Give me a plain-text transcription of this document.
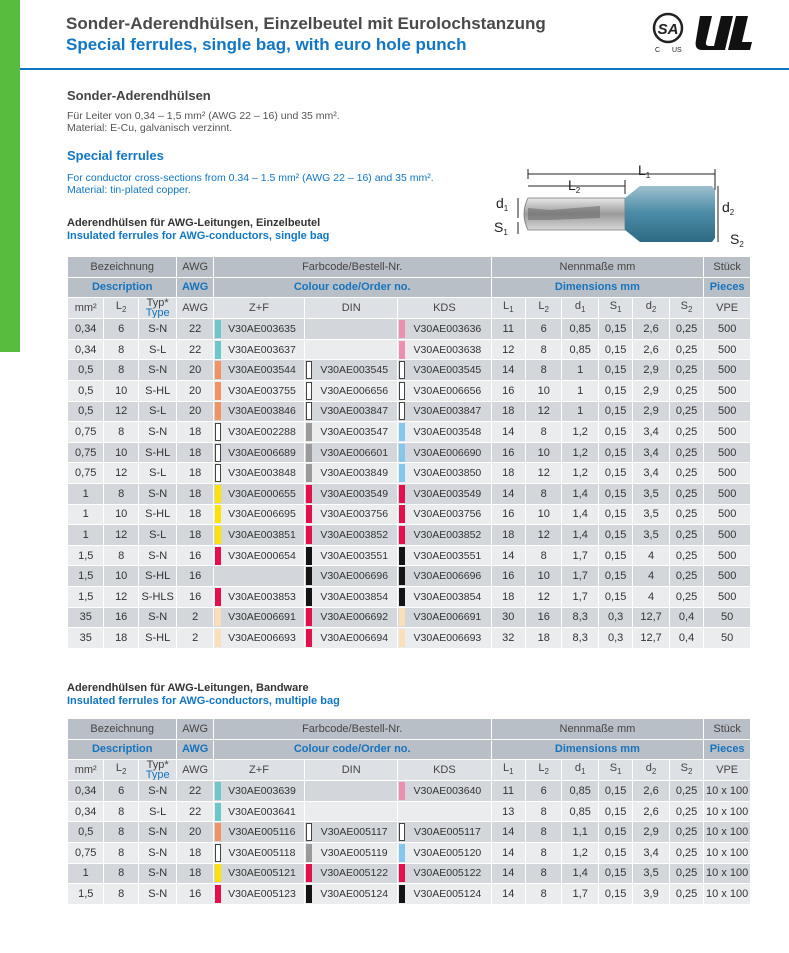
Sonder-Aderendhülsen, Einzelbeutel mit Eurolochstanzung
Special ferrules, single bag, with euro hole punch
SA
C US
Sonder-Aderendhülsen
Für Leiter von 0,34 – 1,5 mm² (AWG 22 – 16) und 35 mm².
Material: E-Cu, galvanisch verzinnt.
Special ferrules
For conductor cross-sections from 0.34 – 1.5 mm² (AWG 22 – 16) and 35 mm².
Material: tin-plated copper.
$L_1$
$L_2$
$d_2$
$d_1$
$S_1$	$S_2$
Aderendhülsen für AWG-Leitungen, Einzelbeutel
Insulated ferrules for AWG-conductors, single bag
Bezeichnung			AWG	Farbcode/Bestell-Nr.			Nennmaße mm						Stück
Description			AWG	Colour code/Order no.			Dimensions mm						Pieces
mm²	$L_2$	Typ*
Type	AWG	Z+F	DIN	KDS	$L_1$	$L_2$	$d_1$	$S_1$	$d_2$	$S_2$	VPE
0,34	6	S-N	22	V30AE003635		V30AE003636	11	6	0,85	0,15	2,6	0,25	500
0,34	8	S-L	22	V30AE003637		V30AE003638	12	8	0,85	0,15	2,6	0,25	500
0,5	8	S-N	20	V30AE003544	V30AE003545	V30AE003545	14	8	1	0,15	2,9	0,25	500
0,5	10	S-HL	20	V30AE003755	V30AE006656	V30AE006656	16	10	1	0,15	2,9	0,25	500
0,5	12	S-L	20	V30AE003846	V30AE003847	V30AE003847	18	12	1	0,15	2,9	0,25	500
0,75	8	S-N	18	V30AE002288	V30AE003547	V30AE003548	14	8	1,2	0,15	3,4	0,25	500
0,75	10	S-HL	18	V30AE006689	V30AE006601	V30AE006690	16	10	1,2	0,15	3,4	0,25	500
0,75	12	S-L	18	V30AE003848	V30AE003849	V30AE003850	18	12	1,2	0,15	3,4	0,25	500
1	8	S-N	18	V30AE000655	V30AE003549	V30AE003549	14	8	1,4	0,15	3,5	0,25	500
1	10	S-HL	18	V30AE006695	V30AE003756	V30AE003756	16	10	1,4	0,15	3,5	0,25	500
1	12	S-L	18	V30AE003851	V30AE003852	V30AE003852	18	12	1,4	0,15	3,5	0,25	500
1,5	8	S-N	16	V30AE000654	V30AE003551	V30AE003551	14	8	1,7	0,15	4	0,25	500
1,5	10	S-HL	16		V30AE006696	V30AE006696	16	10	1,7	0,15	4	0,25	500
1,5	12	S-HLS	16	V30AE003853	V30AE003854	V30AE003854	18	12	1,7	0,15	4	0,25	500
35	16	S-N	2	V30AE006691	V30AE006692	V30AE006691	30	16	8,3	0,3	12,7	0,4	50
35	18	S-HL	2	V30AE006693	V30AE006694	V30AE006693	32	18	8,3	0,3	12,7	0,4	50
Aderendhülsen für AWG-Leitungen, Bandware
Insulated ferrules for AWG-conductors, multiple bag
Bezeichnung			AWG	Farbcode/Bestell-Nr.			Nennmaße mm						Stück
Description			AWG	Colour code/Order no.			Dimensions mm						Pieces
mm²	$L_2$	Typ*
Type	AWG	Z+F	DIN	KDS	$L_1$	$L_2$	$d_1$	$S_1$	$d_2$	$S_2$	VPE
0,34	6	S-N	22	V30AE003639		V30AE003640	11	6	0,85	0,15	2,6	0,25	10 x 100
0,34	8	S-L	22	V30AE003641			13	8	0,85	0,15	2,6	0,25	10 x 100
0,5	8	S-N	20	V30AE005116	V30AE005117	V30AE005117	14	8	1,1	0,15	2,9	0,25	10 x 100
0,75	8	S-N	18	V30AE005118	V30AE005119	V30AE005120	14	8	1,2	0,15	3,4	0,25	10 x 100
1	8	S-N	18	V30AE005121	V30AE005122	V30AE005122	14	8	1,4	0,15	3,5	0,25	10 x 100
1,5	8	S-N	16	V30AE005123	V30AE005124	V30AE005124	14	8	1,7	0,15	3,9	0,25	10 x 100
